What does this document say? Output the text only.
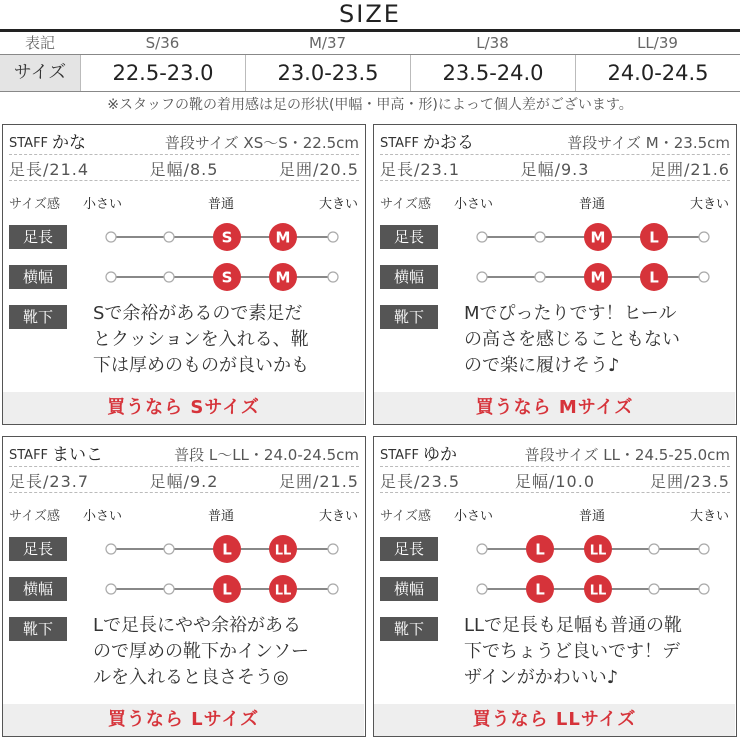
SIZE
表記	S/36	M/37	L/38	LL/39
サイズ	22.5-23.0	23.0-23.5	23.5-24.0	24.0-24.5
※スタッフの靴の着用感は足の形状(甲幅・甲高・形)によって個人差がございます。
STAFF かな	普段サイズ XS〜S・22.5cm
足長/21.4	足幅/8.5	足囲/20.5
サイズ感 小さい	普通	大きい
足長	S	M
横幅	S	M
靴下	Sで余裕があるので素足だ
とクッションを入れる、靴
下は厚めのものが良いかも
買うなら Sサイズ
STAFF かおる	普段サイズ M・23.5cm
足長/23.1	足幅/9.3	足囲/21.6
サイズ感 小さい	普通	大きい
足長	M	L
横幅	M	L
靴下	Mでぴったりです！ヒール
の高さを感じることもない
ので楽に履けそう♪
買うなら Mサイズ
STAFF まいこ	普段 L〜LL・24.0-24.5cm
足長/23.7	足幅/9.2	足囲/21.5
サイズ感 小さい	普通	大きい
足長	L	LL
横幅	L	LL
靴下	Lで足長にやや余裕がある
ので厚めの靴下かインソー
ルを入れると良さそう◎
買うなら Lサイズ
STAFF ゆか	普段サイズ LL・24.5-25.0cm
足長/23.5	足幅/10.0	足囲/23.5
サイズ感 小さい	普通	大きい
足長	L	LL
横幅	L	LL
靴下	LLで足長も足幅も普通の靴
下でちょうど良いです！デ
ザインがかわいい♪
買うなら LLサイズ
